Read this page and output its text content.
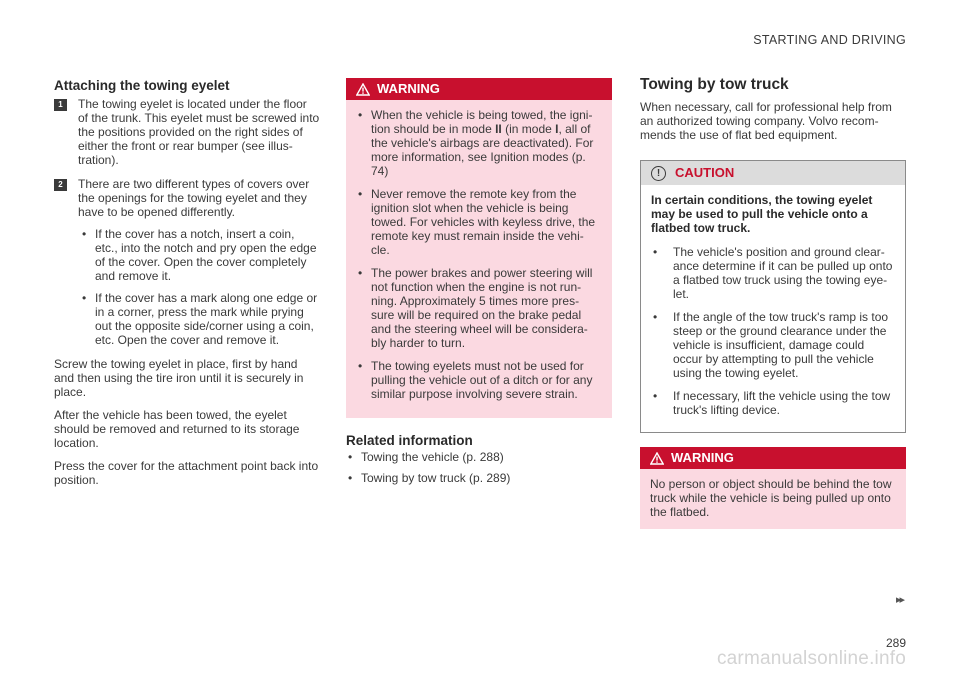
STARTING AND DRIVING
Attaching the towing eyelet
1	The towing eyelet is located under the floor of the trunk. This eyelet must be screwed into the positions provided on the right sides of either the front or rear bumper (see illus-tration).
2	There are two different types of covers over the openings for the towing eyelet and they have to be opened differently.
• If the cover has a notch, insert a coin, etc., into the notch and pry open the edge of the cover. Open the cover completely and remove it.
• If the cover has a mark along one edge or in a corner, press the mark while prying out the opposite side/corner using a coin, etc. Open the cover and remove it.

Screw the towing eyelet in place, first by hand and then using the tire iron until it is securely in place.

After the vehicle has been towed, the eyelet should be removed and returned to its storage location.

Press the cover for the attachment point back into position.

WARNING
• When the vehicle is being towed, the igni-tion should be in mode II (in mode I, all of the vehicle's airbags are deactivated). For more information, see Ignition modes (p. 74)
• Never remove the remote key from the ignition slot when the vehicle is being towed. For vehicles with keyless drive, the remote key must remain inside the vehi-cle.
• The power brakes and power steering will not function when the engine is not run-ning. Approximately 5 times more pres-sure will be required on the brake pedal and the steering wheel will be considera-bly harder to turn.
• The towing eyelets must not be used for pulling the vehicle out of a ditch or for any similar purpose involving severe strain.
Related information
• Towing the vehicle (p. 288)
• Towing by tow truck (p. 289)
Towing by tow truck

When necessary, call for professional help from an authorized towing company. Volvo recom-mends the use of flat bed equipment.

!	CAUTION
In certain conditions, the towing eyelet may be used to pull the vehicle onto a flatbed tow truck.
• The vehicle's position and ground clear-ance determine if it can be pulled up onto a flatbed tow truck using the towing eye-let.
• If the angle of the tow truck's ramp is too steep or the ground clearance under the vehicle is insufficient, damage could occur by attempting to pull the vehicle using the towing eyelet.
• If necessary, lift the vehicle using the tow truck's lifting device.
WARNING
No person or object should be behind the tow truck while the vehicle is being pulled up onto the flatbed.
▸▸
289
carmanualsonline.info
